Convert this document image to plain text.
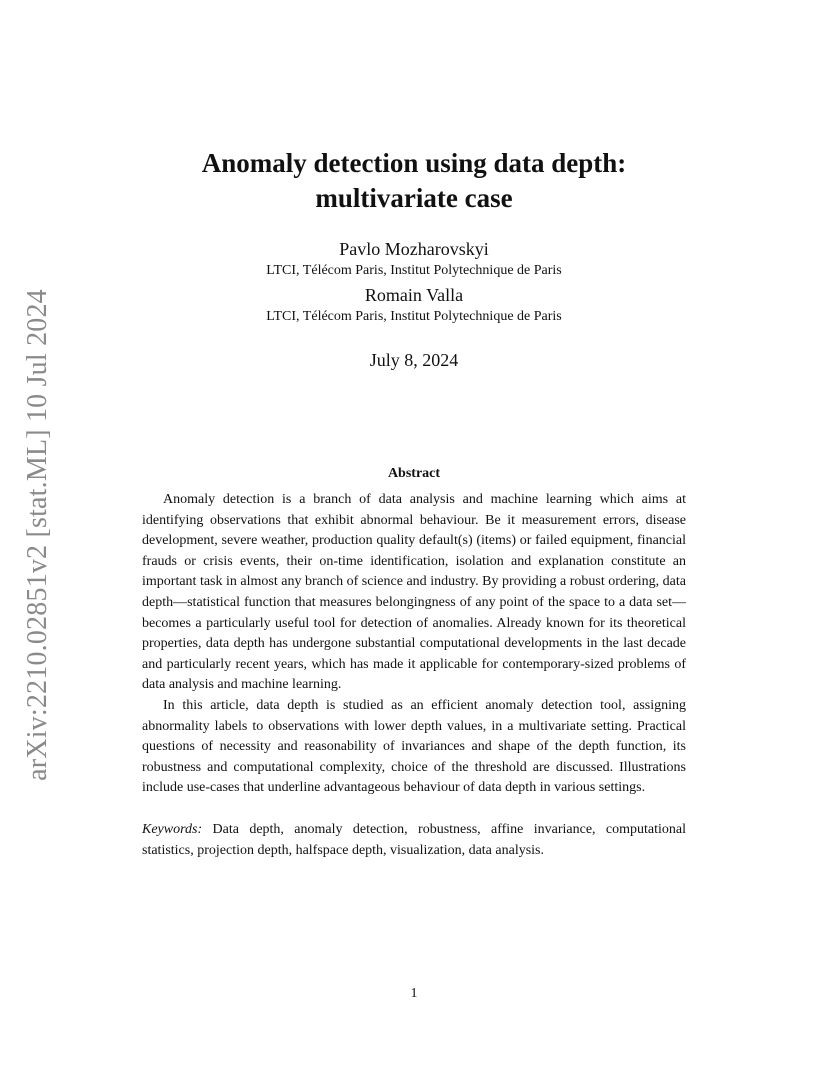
arXiv:2210.02851v2 [stat.ML] 10 Jul 2024
Anomaly detection using data depth:
multivariate case
Pavlo Mozharovskyi
LTCI, Télécom Paris, Institut Polytechnique de Paris
Romain Valla
LTCI, Télécom Paris, Institut Polytechnique de Paris
July 8, 2024
Abstract

Anomaly detection is a branch of data analysis and machine learning which aims at identifying observations that exhibit abnormal behaviour. Be it measurement errors, disease development, severe weather, production quality default(s) (items) or failed equipment, financial frauds or crisis events, their on-time identification, isolation and explanation constitute an important task in almost any branch of science and industry. By providing a robust ordering, data depth—statistical function that measures belongingness of any point of the space to a data set—becomes a particularly useful tool for detection of anomalies. Already known for its theoretical properties, data depth has undergone substantial computational developments in the last decade and particularly recent years, which has made it applicable for contemporary-sized problems of data analysis and machine learning.

In this article, data depth is studied as an efficient anomaly detection tool, assigning abnormality labels to observations with lower depth values, in a multivariate setting. Practical questions of necessity and reasonability of invariances and shape of the depth function, its robustness and computational complexity, choice of the threshold are discussed. Illustrations include use-cases that underline advantageous behaviour of data depth in various settings.

Keywords: Data depth, anomaly detection, robustness, affine invariance, computational statistics, projection depth, halfspace depth, visualization, data analysis.
1
